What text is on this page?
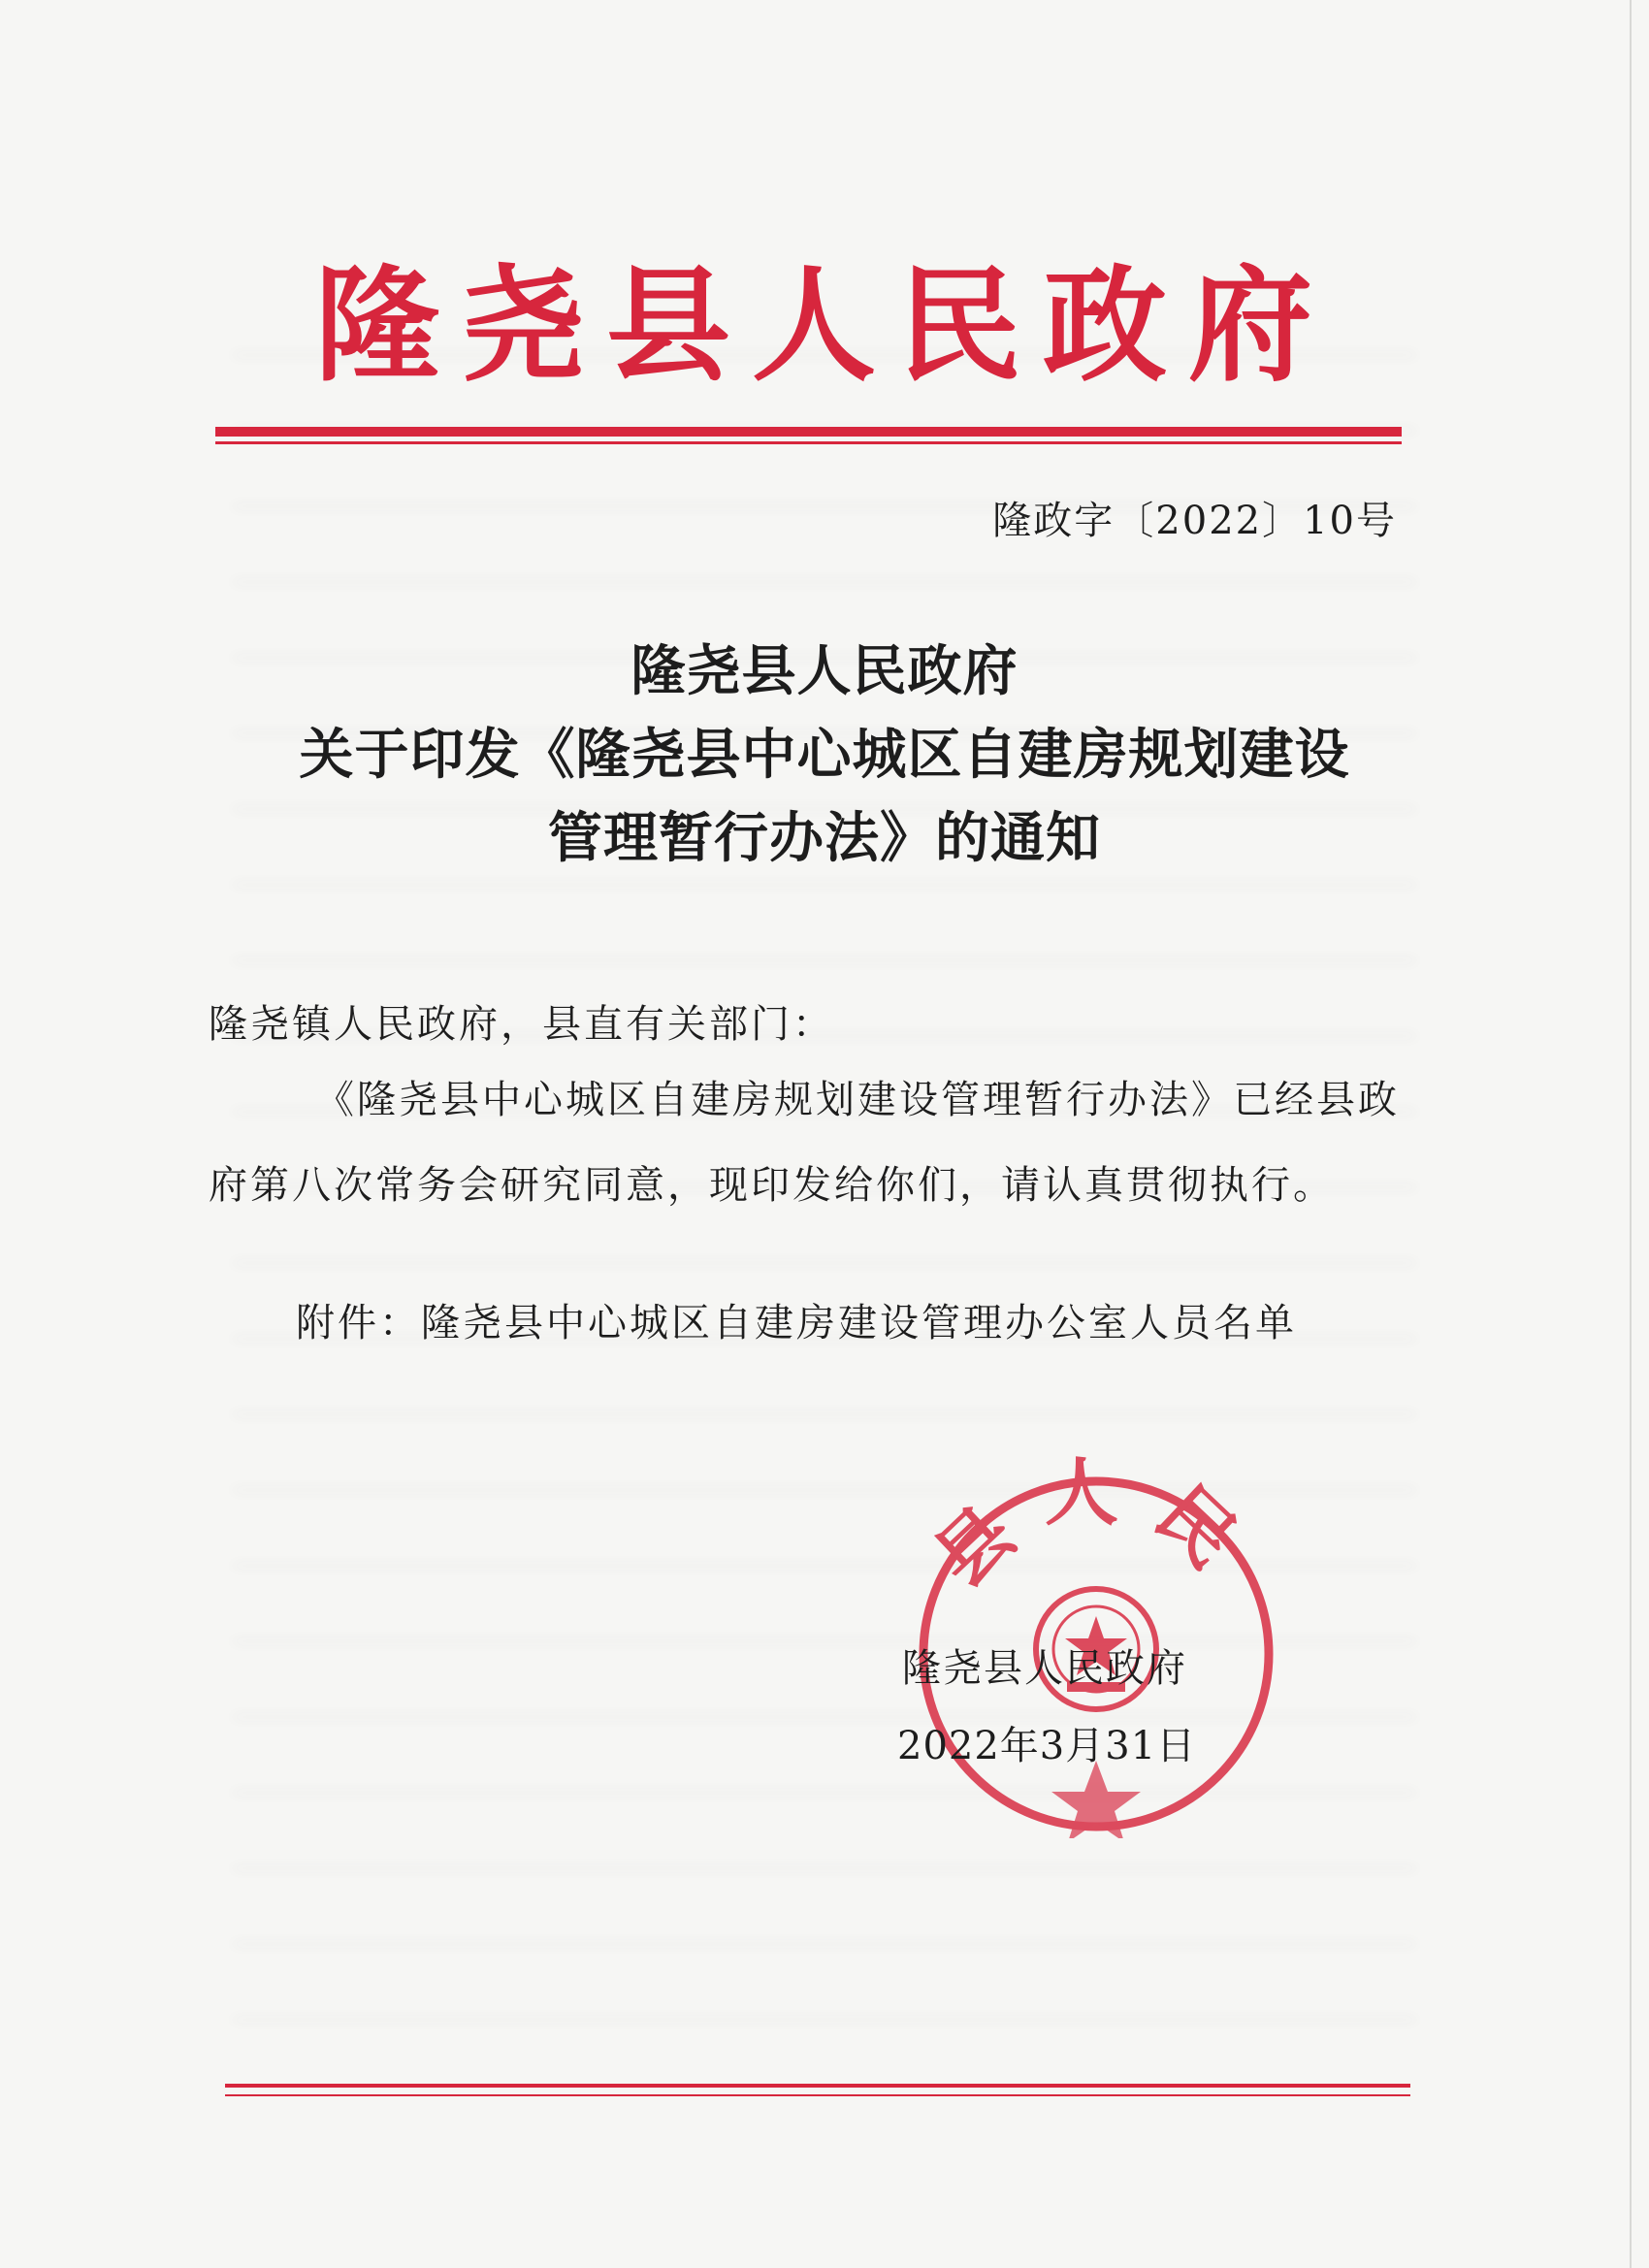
隆尧县人民政府
隆政字〔2022〕10号
隆尧县人民政府
关于印发《隆尧县中心城区自建房规划建设
管理暂行办法》的通知
隆尧镇人民政府，县直有关部门：
《隆尧县中心城区自建房规划建设管理暂行办法》已经县政府第八次常务会研究同意，现印发给你们，请认真贯彻执行。
附件：隆尧县中心城区自建房建设管理办公室人员名单
县人民
隆尧县人民政府
2022年3月31日
